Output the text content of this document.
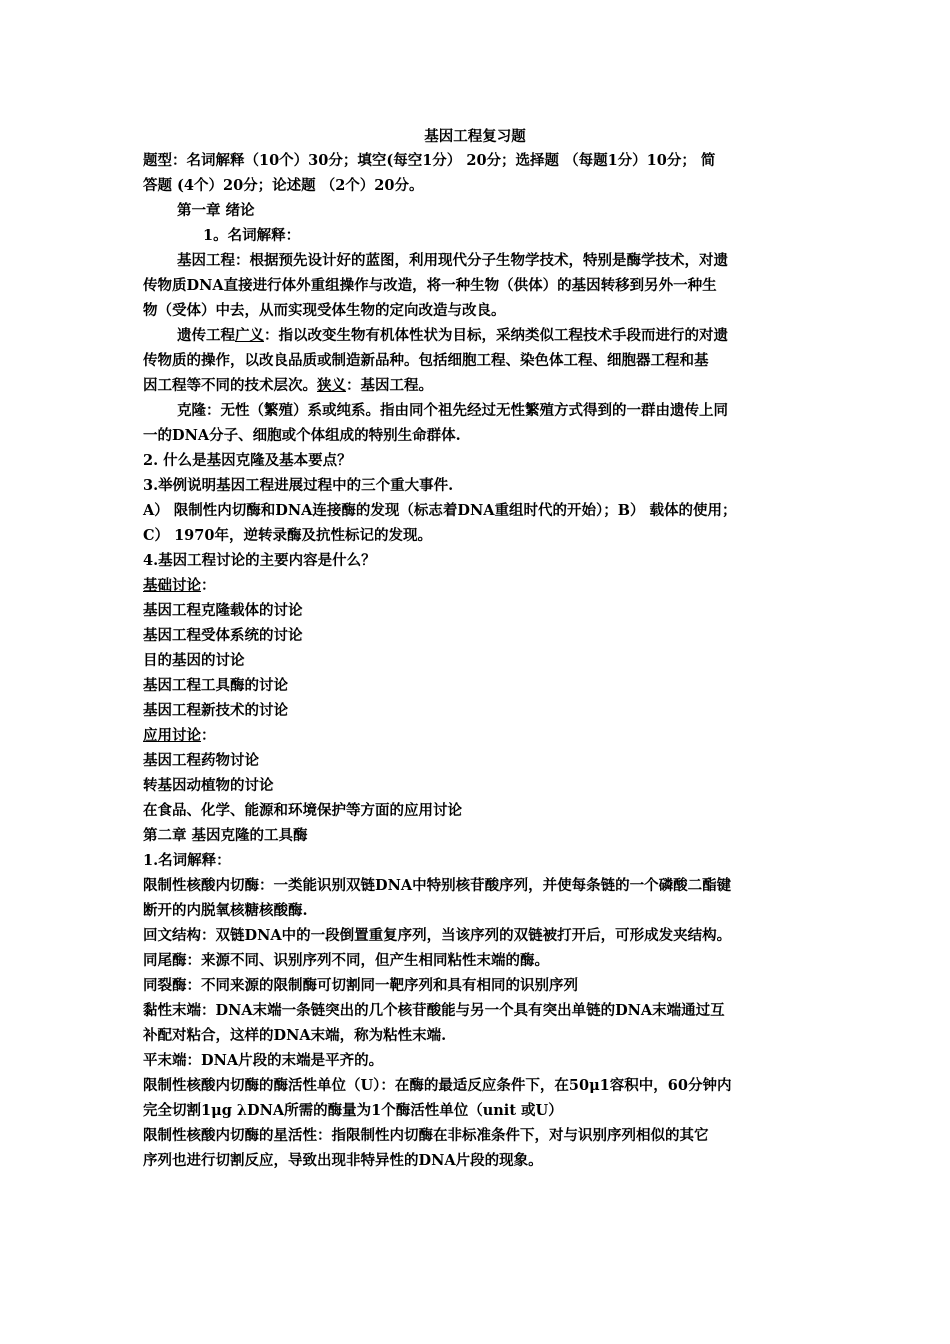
基因工程复习题
题型：名词解释（10个）30分；填空(每空1分） 20分；选择题 （每题1分）10分； 简
答题 (4个）20分；论述题 （2个）20分。
第一章 绪论
1。名词解释：
基因工程：根据预先设计好的蓝图，利用现代分子生物学技术，特别是酶学技术，对遗
传物质DNA直接进行体外重组操作与改造，将一种生物（供体）的基因转移到另外一种生
物（受体）中去，从而实现受体生物的定向改造与改良。
遗传工程广义：指以改变生物有机体性状为目标，采纳类似工程技术手段而进行的对遗
传物质的操作，以改良品质或制造新品种。包括细胞工程、染色体工程、细胞器工程和基
因工程等不同的技术层次。狭义：基因工程。
克隆：无性（繁殖）系或纯系。指由同个祖先经过无性繁殖方式得到的一群由遗传上同
一的DNA分子、细胞或个体组成的特别生命群体.
2. 什么是基因克隆及基本要点？
3.举例说明基因工程进展过程中的三个重大事件.
A） 限制性内切酶和DNA连接酶的发现（标志着DNA重组时代的开始）；B） 载体的使用；
C） 1970年，逆转录酶及抗性标记的发现。
4.基因工程讨论的主要内容是什么？
基础讨论：
基因工程克隆载体的讨论
基因工程受体系统的讨论
目的基因的讨论
基因工程工具酶的讨论
基因工程新技术的讨论
应用讨论：
基因工程药物讨论
转基因动植物的讨论
在食品、化学、能源和环境保护等方面的应用讨论
第二章 基因克隆的工具酶
1.名词解释：
限制性核酸内切酶：一类能识别双链DNA中特别核苷酸序列，并使每条链的一个磷酸二酯键
断开的内脱氧核糖核酸酶.
回文结构：双链DNA中的一段倒置重复序列，当该序列的双链被打开后，可形成发夹结构。
同尾酶：来源不同、识别序列不同，但产生相同粘性末端的酶。
同裂酶：不同来源的限制酶可切割同一靶序列和具有相同的识别序列
黏性末端：DNA末端一条链突出的几个核苷酸能与另一个具有突出单链的DNA末端通过互
补配对粘合，这样的DNA末端，称为粘性末端.
平末端：DNA片段的末端是平齐的。
限制性核酸内切酶的酶活性单位（U）：在酶的最适反应条件下，在50μ1容积中，60分钟内
完全切割1μg λDNA所需的酶量为1个酶活性单位（unit 或U）
限制性核酸内切酶的星活性：指限制性内切酶在非标准条件下，对与识别序列相似的其它
序列也进行切割反应，导致出现非特异性的DNA片段的现象。
